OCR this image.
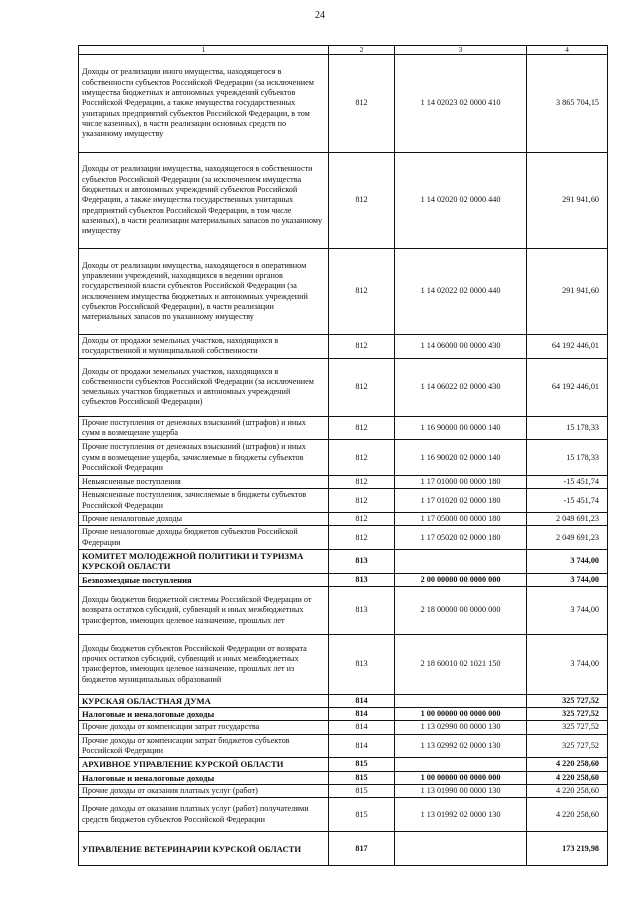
24
1	2	3	4
Доходы от реализации иного имущества, находящегося в собственности субъектов Российской Федерации (за исключением имущества бюджетных и автономных учреждений субъектов Российской Федерации, а также имущества государственных унитарных предприятий субъектов Российской Федерации, в том числе казенных), в части реализации основных средств по указанному имуществу	812	1 14 02023 02 0000 410	3 865 704,15
Доходы от реализации имущества, находящегося в собственности субъектов Российской Федерации (за исключением имущества бюджетных и автономных учреждений субъектов Российской Федерации, а также имущества государственных унитарных предприятий субъектов Российской Федерации, в том числе казенных), в части реализации материальных запасов по указанному имуществу	812	1 14 02020 02 0000 440	291 941,60
Доходы от реализации имущества, находящегося в оперативном управлении учреждений, находящихся в ведении органов государственной власти субъектов Российской Федерации (за исключением имущества бюджетных и автономных учреждений субъектов Российской Федерации), в части реализации материальных запасов по указанному имуществу	812	1 14 02022 02 0000 440	291 941,60
Доходы от продажи земельных участков, находящихся в государственной и муниципальной собственности	812	1 14 06000 00 0000 430	64 192 446,01
Доходы от продажи земельных участков, находящихся в собственности субъектов Российской Федерации (за исключением земельных участков бюджетных и автономных учреждений субъектов Российской Федерации)	812	1 14 06022 02 0000 430	64 192 446,01
Прочие поступления от денежных взысканий (штрафов) и иных сумм в возмещение ущерба	812	1 16 90000 00 0000 140	15 178,33
Прочие поступления от денежных взысканий (штрафов) и иных сумм в возмещение ущерба, зачисляемые в бюджеты субъектов Российской Федерации	812	1 16 90020 02 0000 140	15 178,33
Невыясненные поступления	812	1 17 01000 00 0000 180	-15 451,74
Невыясненные поступления, зачисляемые в бюджеты субъектов Российской Федерации	812	1 17 01020 02 0000 180	-15 451,74
Прочие неналоговые доходы	812	1 17 05000 00 0000 180	2 049 691,23
Прочие неналоговые доходы бюджетов субъектов Российской Федерации	812	1 17 05020 02 0000 180	2 049 691,23
КОМИТЕТ МОЛОДЕЖНОЙ ПОЛИТИКИ И ТУРИЗМА КУРСКОЙ ОБЛАСТИ	813		3 744,00
Безвозмездные поступления	813	2 00 00000 00 0000 000	3 744,00
Доходы бюджетов бюджетной системы Российской Федерации от возврата остатков субсидий, субвенций и иных межбюджетных трансфертов, имеющих целевое назначение, прошлых лет	813	2 18 00000 00 0000 000	3 744,00
Доходы бюджетов субъектов Российской Федерации от возврата прочих остатков субсидий, субвенций и иных межбюджетных трансфертов, имеющих целевое назначение, прошлых лет из бюджетов муниципальных образований	813	2 18 60010 02 1021 150	3 744,00
КУРСКАЯ ОБЛАСТНАЯ ДУМА	814		325 727,52
Налоговые и неналоговые доходы	814	1 00 00000 00 0000 000	325 727,52
Прочие доходы от компенсации затрат государства	814	1 13 02990 00 0000 130	325 727,52
Прочие доходы от компенсации затрат бюджетов субъектов Российской Федерации	814	1 13 02992 02 0000 130	325 727,52
АРХИВНОЕ УПРАВЛЕНИЕ КУРСКОЙ ОБЛАСТИ	815		4 220 258,60
Налоговые и неналоговые доходы	815	1 00 00000 00 0000 000	4 220 258,60
Прочие доходы от оказания платных услуг (работ)	815	1 13 01990 00 0000 130	4 220 258,60
Прочие доходы от оказания платных услуг (работ) получателями средств бюджетов субъектов Российской Федерации	815	1 13 01992 02 0000 130	4 220 258,60
УПРАВЛЕНИЕ ВЕТЕРИНАРИИ КУРСКОЙ ОБЛАСТИ	817		173 219,98
